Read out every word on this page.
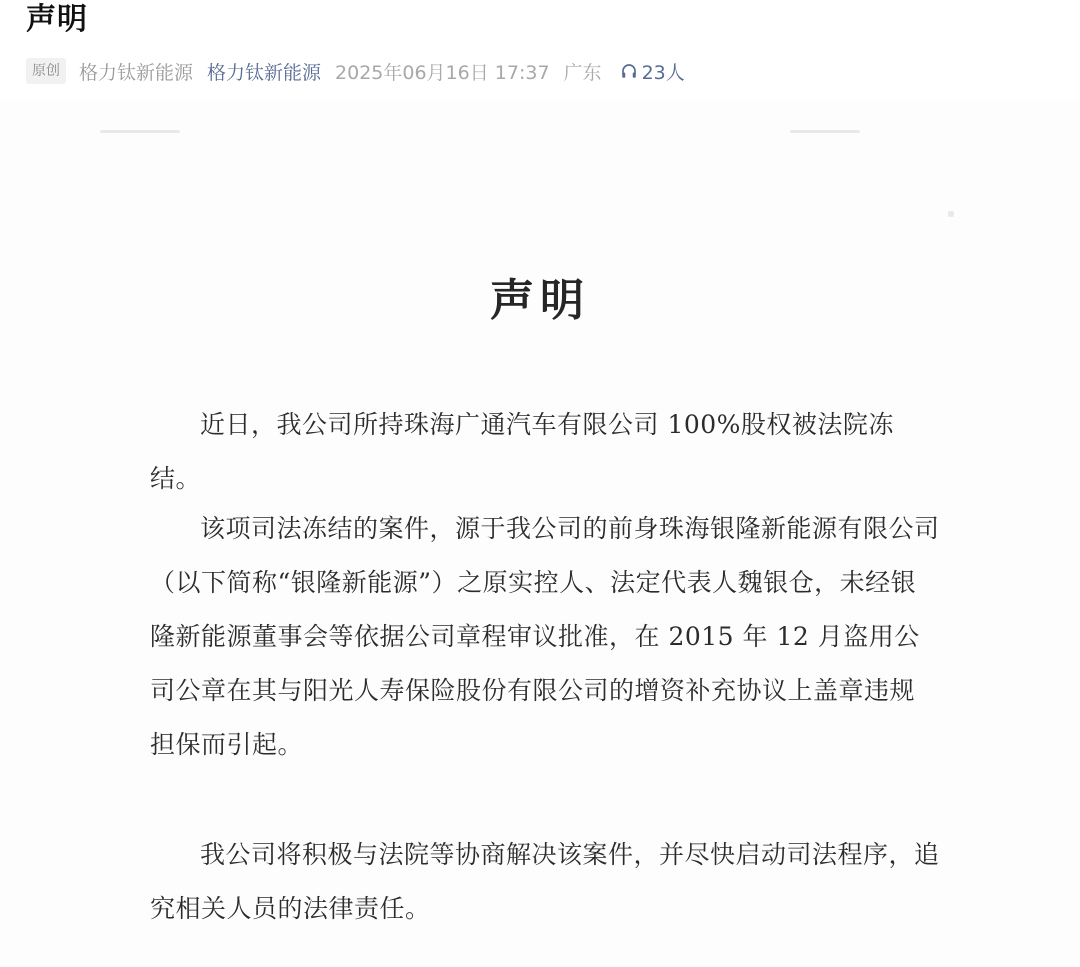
声明
原创	格力钛新能源 格力钛新能源 2025年06月16日 17:37 广东 23人
声明

近日，我公司所持珠海广通汽车有限公司 100%股权被法院冻结。

该项司法冻结的案件，源于我公司的前身珠海银隆新能源有限公司（以下简称“银隆新能源”）之原实控人、法定代表人魏银仓，未经银隆新能源董事会等依据公司章程审议批准，在 2015 年 12 月盗用公司公章在其与阳光人寿保险股份有限公司的增资补充协议上盖章违规担保而引起。

我公司将积极与法院等协商解决该案件，并尽快启动司法程序，追究相关人员的法律责任。
